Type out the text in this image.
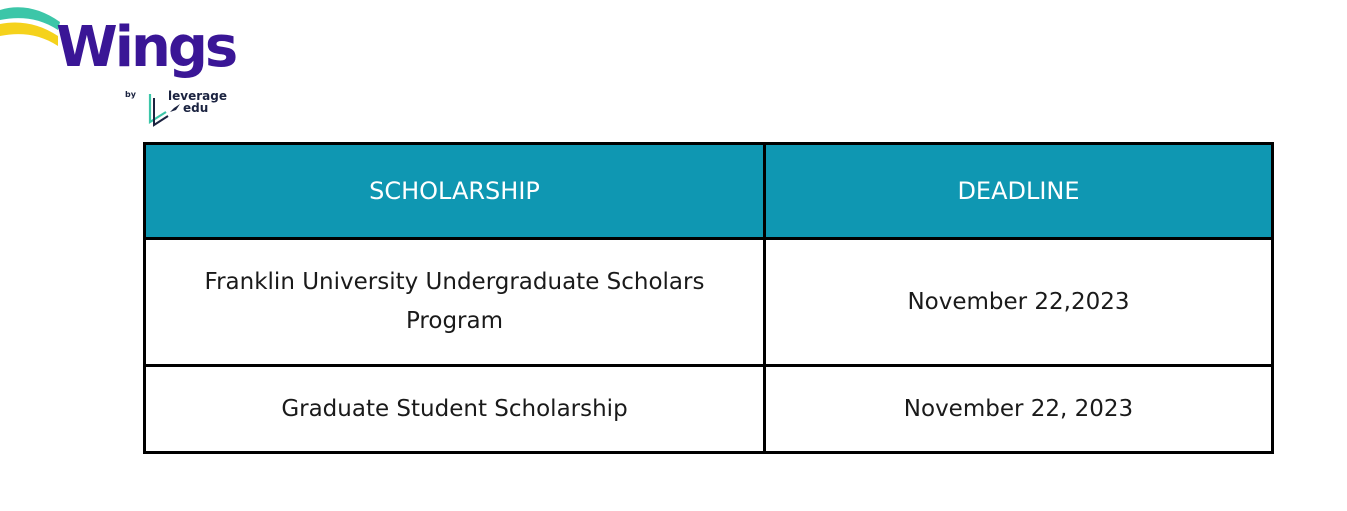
Wings
by	leverage
edu
SCHOLARSHIP	DEADLINE
Franklin University Undergraduate Scholars Program	November 22,2023
Graduate Student Scholarship	November 22, 2023
